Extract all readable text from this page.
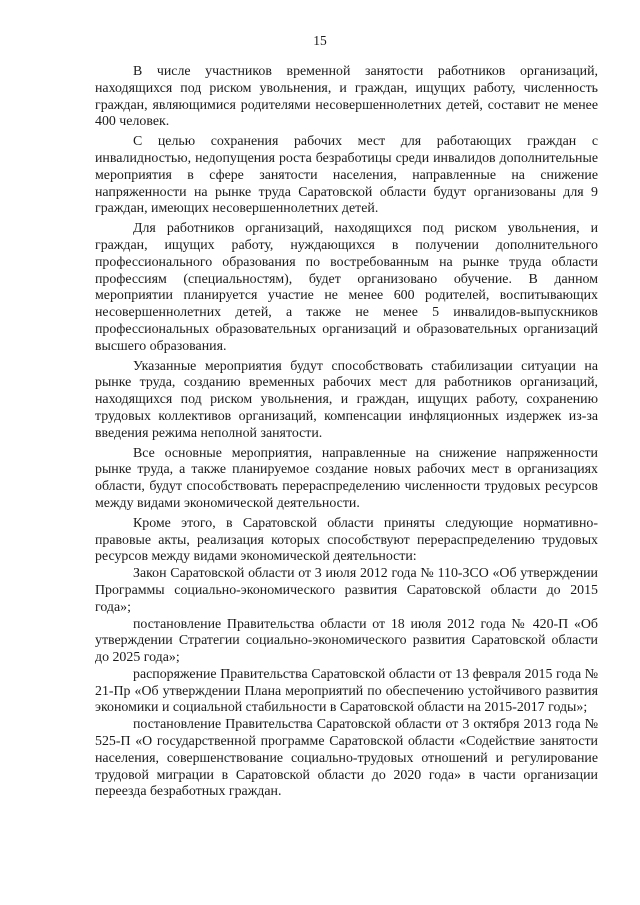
15

В числе участников временной занятости работников организаций, находящихся под риском увольнения, и граждан, ищущих работу, численность граждан, являющимися родителями несовершеннолетних детей, составит не менее 400 человек.

С целью сохранения рабочих мест для работающих граждан с инвалидностью, недопущения роста безработицы среди инвалидов дополнительные мероприятия в сфере занятости населения, направленные на снижение напряженности на рынке труда Саратовской области будут организованы для 9 граждан, имеющих несовершеннолетних детей.

Для работников организаций, находящихся под риском увольнения, и граждан, ищущих работу, нуждающихся в получении дополнительного профессионального образования по востребованным на рынке труда области профессиям (специальностям), будет организовано обучение. В данном мероприятии планируется участие не менее 600 родителей, воспитывающих несовершеннолетних детей, а также не менее 5 инвалидов-выпускников профессиональных образовательных организаций и образовательных организаций высшего образования.

Указанные мероприятия будут способствовать стабилизации ситуации на рынке труда, созданию временных рабочих мест для работников организаций, находящихся под риском увольнения, и граждан, ищущих работу, сохранению трудовых коллективов организаций, компенсации инфляционных издержек из-за введения режима неполной занятости.

Все основные мероприятия, направленные на снижение напряженности рынке труда, а также планируемое создание новых рабочих мест в организациях области, будут способствовать перераспределению численности трудовых ресурсов между видами экономической деятельности.

Кроме этого, в Саратовской области приняты следующие нормативно-правовые акты, реализация которых способствуют перераспределению трудовых ресурсов между видами экономической деятельности:

Закон Саратовской области от 3 июля 2012 года № 110-ЗСО «Об утверждении Программы социально-экономического развития Саратовской области до 2015 года»;

постановление Правительства области от 18 июля 2012 года № 420-П «Об утверждении Стратегии социально-экономического развития Саратовской области до 2025 года»;

распоряжение Правительства Саратовской области от 13 февраля 2015 года № 21-Пр «Об утверждении Плана мероприятий по обеспечению устойчивого развития экономики и социальной стабильности в Саратовской области на 2015-2017 годы»;

постановление Правительства Саратовской области от 3 октября 2013 года № 525-П «О государственной программе Саратовской области «Содействие занятости населения, совершенствование социально-трудовых отношений и регулирование трудовой миграции в Саратовской области до 2020 года» в части организации переезда безработных граждан.
